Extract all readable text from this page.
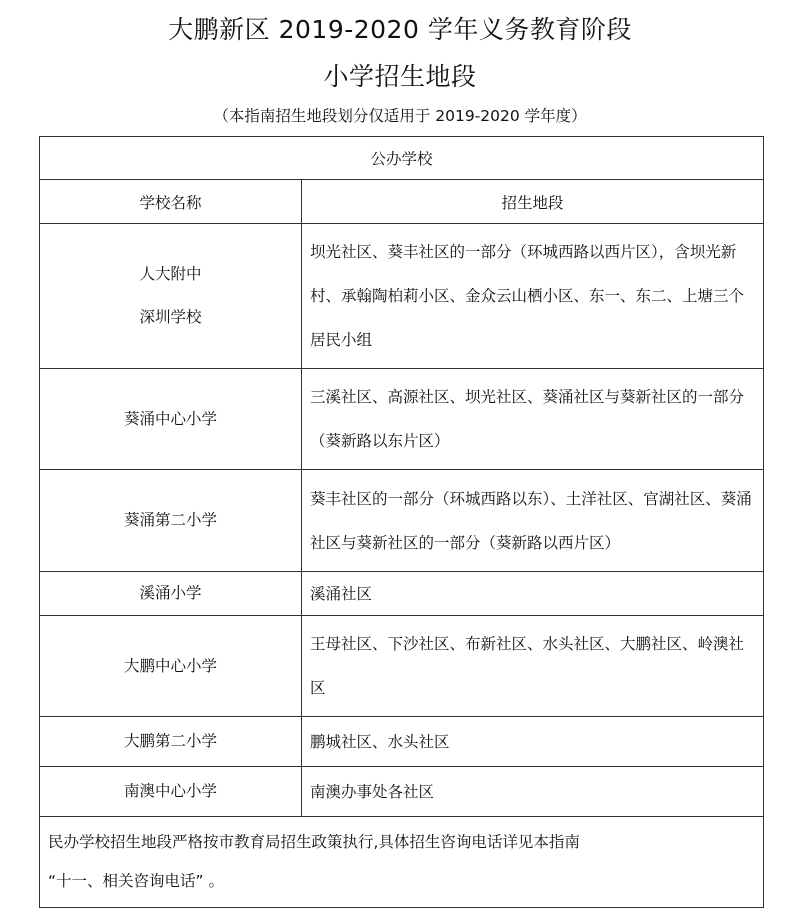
大鹏新区 2019-2020 学年义务教育阶段
小学招生地段
（本指南招生地段划分仅适用于 2019-2020 学年度）
公办学校	
学校名称	招生地段

人大附中
深圳学校	坝光社区、葵丰社区的一部分（环城西路以西片区），含坝光新村、承翰陶柏莉小区、金众云山栖小区、东一、东二、上塘三个居民小组
葵涌中心小学	三溪社区、高源社区、坝光社区、葵涌社区与葵新社区的一部分（葵新路以东片区）
葵涌第二小学	葵丰社区的一部分（环城西路以东）、土洋社区、官湖社区、葵涌社区与葵新社区的一部分（葵新路以西片区）
溪涌小学	溪涌社区
大鹏中心小学	王母社区、下沙社区、布新社区、水头社区、大鹏社区、岭澳社区
大鹏第二小学	鹏城社区、水头社区
南澳中心小学	南澳办事处各社区

民办学校招生地段严格按市教育局招生政策执行,具体招生咨询电话详见本指南
“十一、相关咨询电话” 。	
